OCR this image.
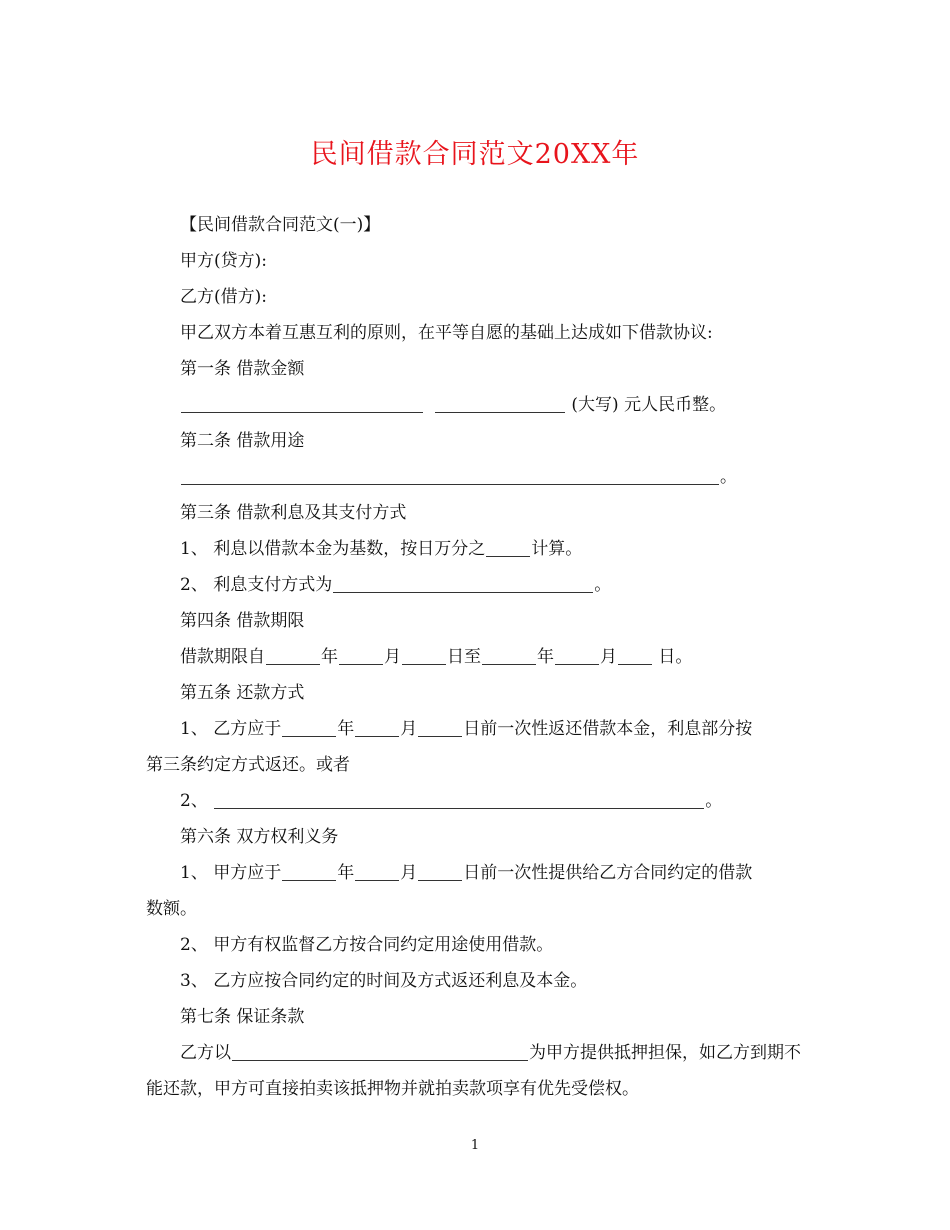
民间借款合同范文20XX年

【民间借款合同范文(一)】

甲方(贷方):

乙方(借方):

甲乙双方本着互惠互利的原则，在平等自愿的基础上达成如下借款协议:

第一条 借款金额

(大写) 元人民币整。

第二条 借款用途

。

第三条 借款利息及其支付方式

1、 利息以借款本金为基数，按日万分之	计算。

2、 利息支付方式为	。

第四条 借款期限

借款期限自	年	月	日至	年	月 日。

第五条 还款方式

1、 乙方应于	年	月	日前一次性返还借款本金，利息部分按

第三条约定方式返还。或者

2、	。

第六条 双方权利义务

1、 甲方应于	年	月	日前一次性提供给乙方合同约定的借款

数额。

2、 甲方有权监督乙方按合同约定用途使用借款。

3、 乙方应按合同约定的时间及方式返还利息及本金。

第七条 保证条款

乙方以	为甲方提供抵押担保，如乙方到期不能还款，甲方可直接拍卖该抵押物并就拍卖款项享有优先受偿权。

1
